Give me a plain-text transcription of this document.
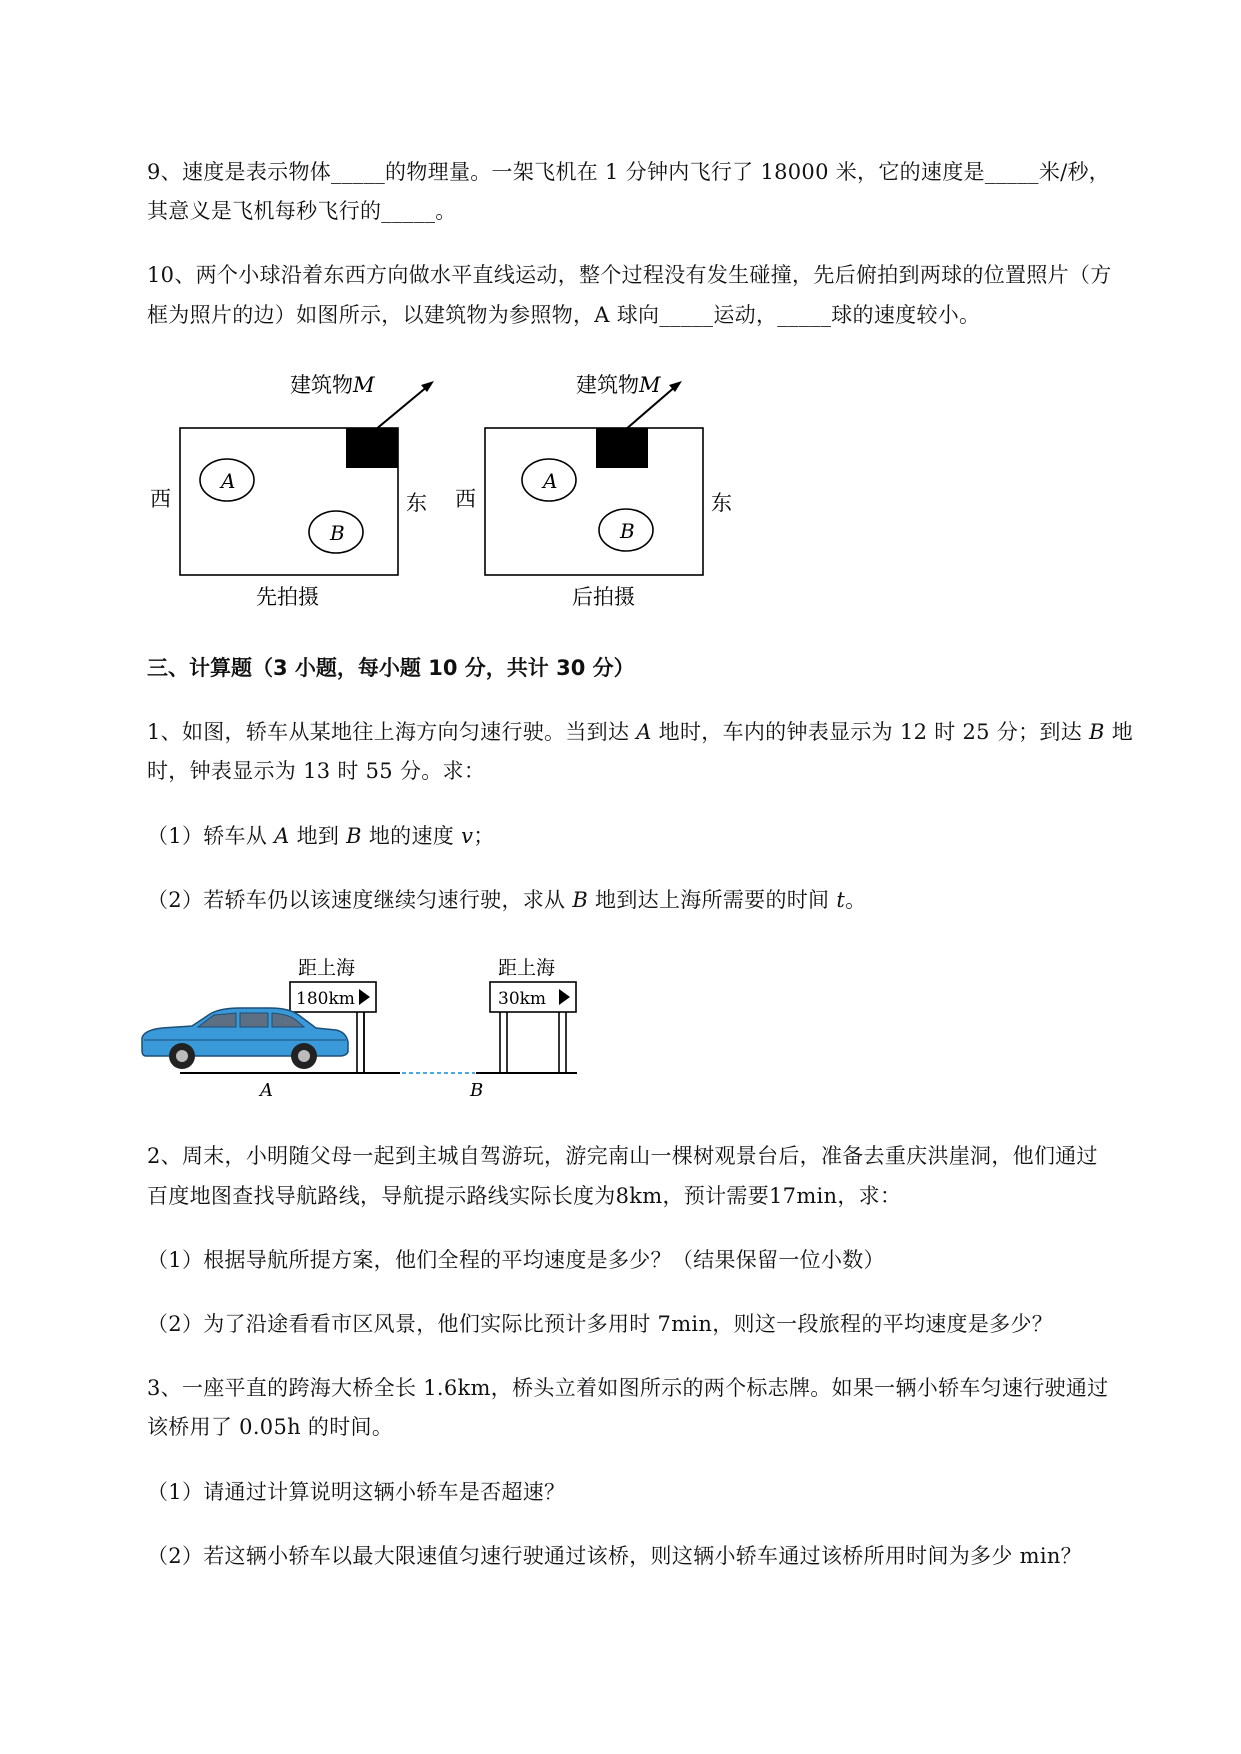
9、速度是表示物体_____的物理量。一架飞机在 1 分钟内飞行了 18000 米，它的速度是_____米/秒，
其意义是飞机每秒飞行的_____。
10、两个小球沿着东西方向做水平直线运动，整个过程没有发生碰撞，先后俯拍到两球的位置照片（方
框为照片的边）如图所示，以建筑物为参照物，A 球向_____运动，_____球的速度较小。
建筑物M
A
B
西	东
先拍摄
建筑物M
A
B
西	东
后拍摄
三、计算题（3 小题，每小题 10 分，共计 30 分）
1、如图，轿车从某地往上海方向匀速行驶。当到达 A 地时，车内的钟表显示为 12 时 25 分；到达 B 地
时，钟表显示为 13 时 55 分。求：
（1）轿车从 A 地到 B 地的速度 v；
（2）若轿车仍以该速度继续匀速行驶，求从 B 地到达上海所需要的时间 t。
距上海
180km
距上海
30km
A	B
2、周末，小明随父母一起到主城自驾游玩，游完南山一棵树观景台后，准备去重庆洪崖洞，他们通过
百度地图查找导航路线，导航提示路线实际长度为8km，预计需要17min，求：
（1）根据导航所提方案，他们全程的平均速度是多少？（结果保留一位小数）
（2）为了沿途看看市区风景，他们实际比预计多用时 7min，则这一段旅程的平均速度是多少？
3、一座平直的跨海大桥全长 1.6km，桥头立着如图所示的两个标志牌。如果一辆小轿车匀速行驶通过
该桥用了 0.05h 的时间。
（1）请通过计算说明这辆小轿车是否超速？
（2）若这辆小轿车以最大限速值匀速行驶通过该桥，则这辆小轿车通过该桥所用时间为多少 min？
